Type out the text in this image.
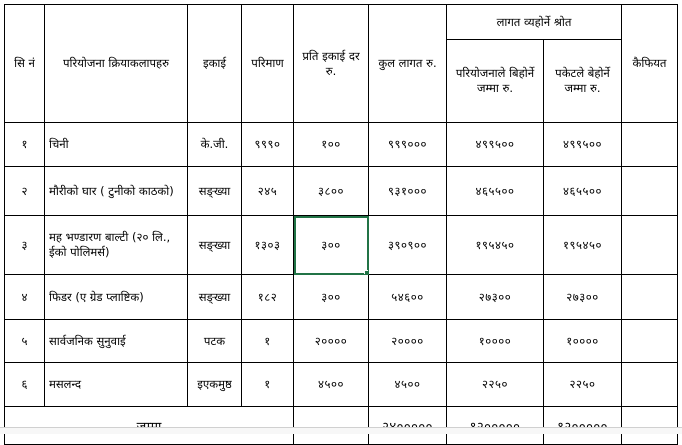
सि नं	परियोजना क्रियाकलापहरु	इकाई	परिमाण	प्रति इकाई दर रु.	कुल लागत रु.	लागत व्यहोर्ने श्रोत		कैफियत
						परियोजनाले बिहोर्ने जम्मा रु.	पकेटले बेहोर्ने जम्मा रु.	
१	चिनी	के.जी.	९९९०	१००	९९९०००	४९९५००	४९९५००	
२	मौरीको घार ( टुनीको काठको)	सङ्ख्या	२४५	३८००	९३१०००	४६५५००	४६५५००	
३	मह भण्डारण बाल्टी (२० लि., ईको पोलिमर्स)	सङ्ख्या	१३०३	३००	३९०९००	१९५४५०	१९५४५०	
४	फिडर (ए ग्रेड प्लाष्टिक)	सङ्ख्या	१८२	३००	५४६००	२७३००	२७३००	
५	सार्वजनिक सुनुवाई	पटक	१	२००००	२००००	१००००	१००००	
६	मसलन्द	इएकमुष्ठ	१	४५००	४५००	२२५०	२२५०	
